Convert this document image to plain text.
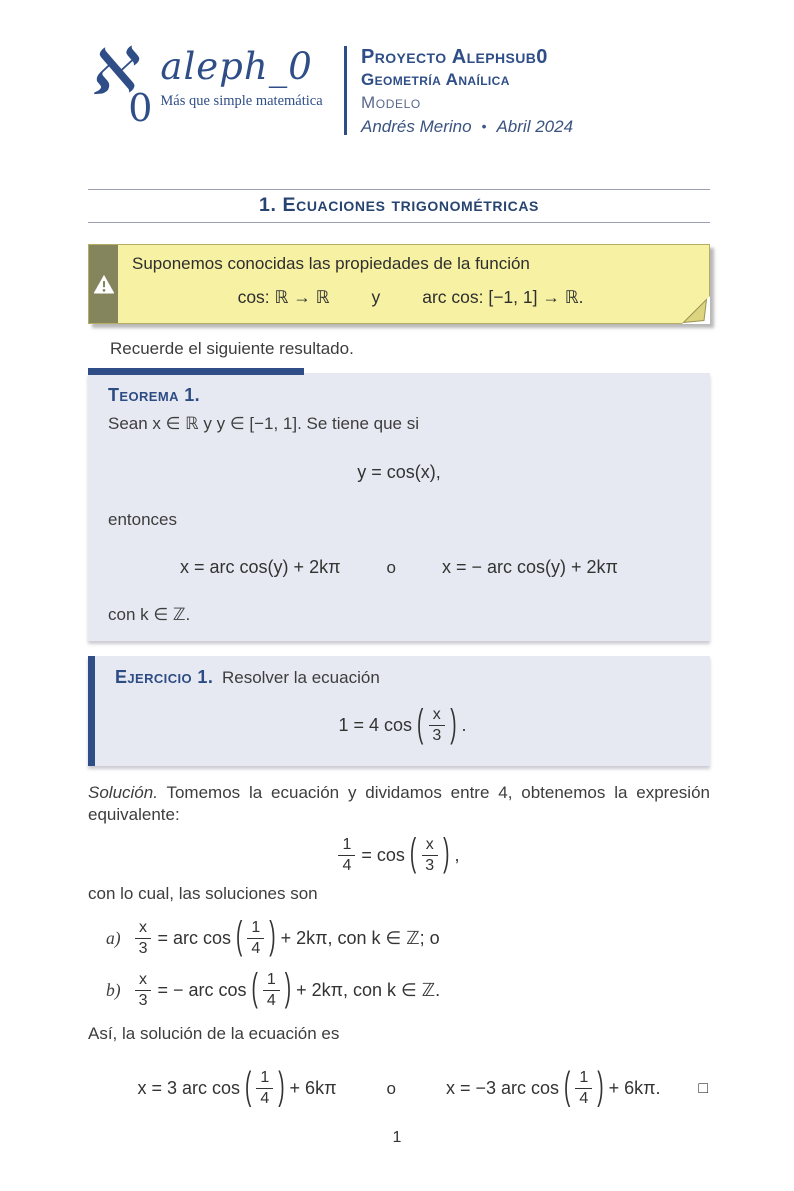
ℵ0
aleph_0
Más que simple matemática
Proyecto Alephsub0
Geometría Anaílica
Modelo
Andrés Merino • Abril 2024
1. Ecuaciones trigonométricas
Suponemos conocidas las propiedades de la función
cos: ℝ → ℝ y arc cos: [−1, 1] → ℝ.

Recuerde el siguiente resultado.

Teorema 1.

Sean x ∈ ℝ y y ∈ [−1, 1]. Se tiene que si

y = cos(x),

entonces

x = arc cos(y) + 2kπ	o	x = − arc cos(y) + 2kπ

con k ∈ ℤ.

Ejercicio 1. Resolver la ecuación
1 = 4 cos ( $\frac{x}{3}$ ) .

Solución. Tomemos la ecuación y dividamos entre 4, obtenemos la expresión equivalente:

$\frac{1}{4} = \cos$ ( $\frac{x}{3}$ ) ,

con lo cual, las soluciones son

$a) \frac{x}{3}$ = arc cos ( $\frac{1}{4}$ ) + 2kπ, con k ∈ ℤ; o
$b) \frac{x}{3}$ = − arc cos ( $\frac{1}{4}$ ) + 2kπ, con k ∈ ℤ.

Así, la solución de la ecuación es

x = 3 arc cos ( $\frac{1}{4}$ ) + 6kπ	o	x = −3 arc cos ( $\frac{1}{4}$ ) + 6kπ. □
1
